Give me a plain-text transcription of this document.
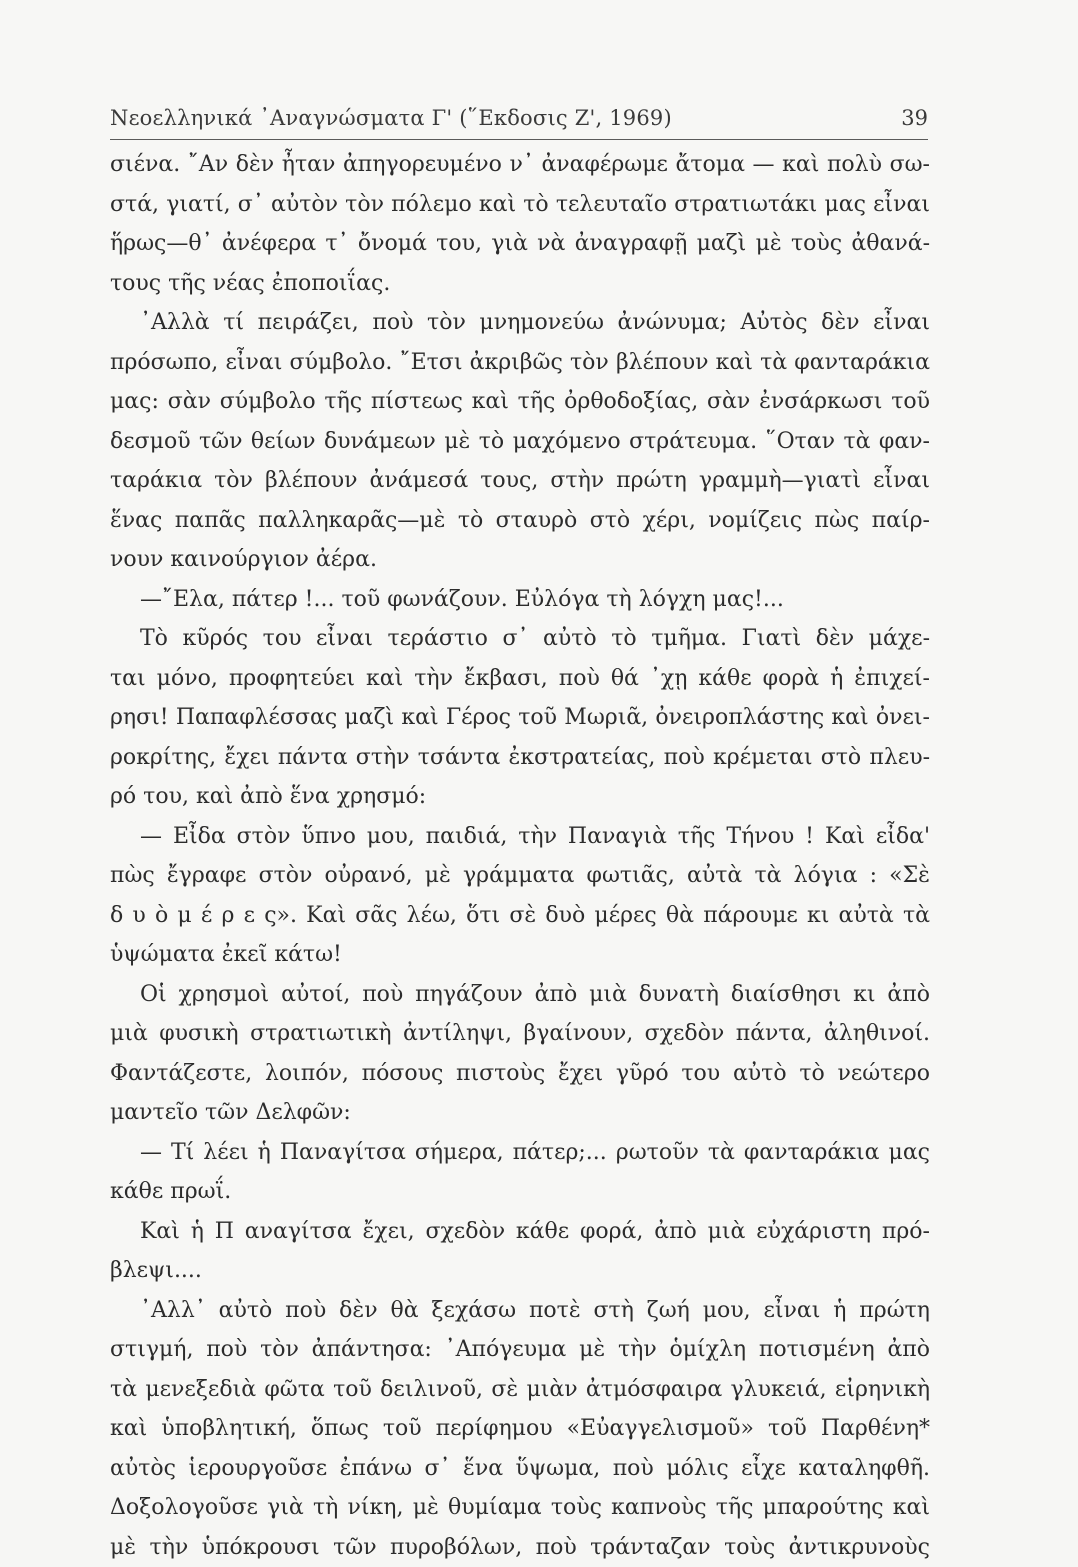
Νεοελληνικά ᾿Αναγνώσματα Γ' (῞Εκδοσις Ζ', 1969)	39
σιένα. ῎Αν δὲν ἦταν ἀπηγορευμένο ν᾿ ἀναφέρωμε ἄτομα — καὶ πολὺ σω-
στά, γιατί, σ᾿ αὐτὸν τὸν πόλεμο καὶ τὸ τελευταῖο στρατιωτάκι μας εἶναι
ἥρως—θ᾿ ἀνέφερα τ᾿ ὄνομά του, γιὰ νὰ ἀναγραφῇ μαζὶ μὲ τοὺς ἀθανά-
τους τῆς νέας ἐποποιΐας.
᾿Αλλὰ τί πειράζει, ποὺ τὸν μνημονεύω ἀνώνυμα; Αὐτὸς δὲν εἶναι
πρόσωπο, εἶναι σύμβολο. ῎Ετσι ἀκριβῶς τὸν βλέπουν καὶ τὰ φανταράκια
μας: σὰν σύμβολο τῆς πίστεως καὶ τῆς ὀρθοδοξίας, σὰν ἐνσάρκωσι τοῦ
δεσμοῦ τῶν θείων δυνάμεων μὲ τὸ μαχόμενο στράτευμα. ῞Οταν τὰ φαν-
ταράκια τὸν βλέπουν ἀνάμεσά τους, στὴν πρώτη γραμμὴ—γιατὶ εἶναι
ἕνας παπᾶς παλληκαρᾶς—μὲ τὸ σταυρὸ στὸ χέρι, νομίζεις πὼς παίρ-
νουν καινούργιον ἀέρα.
—῎Ελα, πάτερ !... τοῦ φωνάζουν. Εὐλόγα τὴ λόγχη μας!...
Τὸ κῦρός του εἶναι τεράστιο σ᾿ αὐτὸ τὸ τμῆμα. Γιατὶ δὲν μάχε-
ται μόνο, προφητεύει καὶ τὴν ἔκβασι, ποὺ θά ᾿χῃ κάθε φορὰ ἡ ἐπιχεί-
ρησι! Παπαφλέσσας μαζὶ καὶ Γέρος τοῦ Μωριᾶ, ὀνειροπλάστης καὶ ὀνει-
ροκρίτης, ἔχει πάντα στὴν τσάντα ἐκστρατείας, ποὺ κρέμεται στὸ πλευ-
ρό του, καὶ ἀπὸ ἕνα χρησμό:
— Εἶδα στὸν ὕπνο μου, παιδιά, τὴν Παναγιὰ τῆς Τήνου ! Καὶ εἶδα'
πὼς ἔγραφε στὸν οὐρανό, μὲ γράμματα φωτιᾶς, αὐτὰ τὰ λόγια : «Σὲ
δ υ ὸ μ έ ρ ε ς». Καὶ σᾶς λέω, ὅτι σὲ δυὸ μέρες θὰ πάρουμε κι αὐτὰ τὰ
ὑψώματα ἐκεῖ κάτω!
Οἱ χρησμοὶ αὐτοί, ποὺ πηγάζουν ἀπὸ μιὰ δυνατὴ διαίσθησι κι ἀπὸ
μιὰ φυσικὴ στρατιωτικὴ ἀντίληψι, βγαίνουν, σχεδὸν πάντα, ἀληθινοί.
Φαντάζεστε, λοιπόν, πόσους πιστοὺς ἔχει γῦρό του αὐτὸ τὸ νεώτερο
μαντεῖο τῶν Δελφῶν:
— Τί λέει ἡ Παναγίτσα σήμερα, πάτερ;... ρωτοῦν τὰ φανταράκια μας
κάθε πρωΐ.
Καὶ ἡ Π αναγίτσα ἔχει, σχεδὸν κάθε φορά, ἀπὸ μιὰ εὐχάριστη πρό-
βλεψι....
᾿Αλλ᾿ αὐτὸ ποὺ δὲν θὰ ξεχάσω ποτὲ στὴ ζωή μου, εἶναι ἡ πρώτη
στιγμή, ποὺ τὸν ἀπάντησα: ᾿Απόγευμα μὲ τὴν ὁμίχλη ποτισμένη ἀπὸ
τὰ μενεξεδιὰ φῶτα τοῦ δειλινοῦ, σὲ μιὰν ἀτμόσφαιρα γλυκειά, εἰρηνικὴ
καὶ ὑποβλητική, ὅπως τοῦ περίφημου «Εὐαγγελισμοῦ» τοῦ Παρθένη*
αὐτὸς ἱερουργοῦσε ἐπάνω σ᾿ ἕνα ὕψωμα, ποὺ μόλις εἶχε καταληφθῆ.
Δοξολογοῦσε γιὰ τὴ νίκη, μὲ θυμίαμα τοὺς καπνοὺς τῆς μπαρούτης καὶ
μὲ τὴν ὑπόκρουσι τῶν πυροβόλων, ποὺ τράνταζαν τοὺς ἀντικρυνοὺς
